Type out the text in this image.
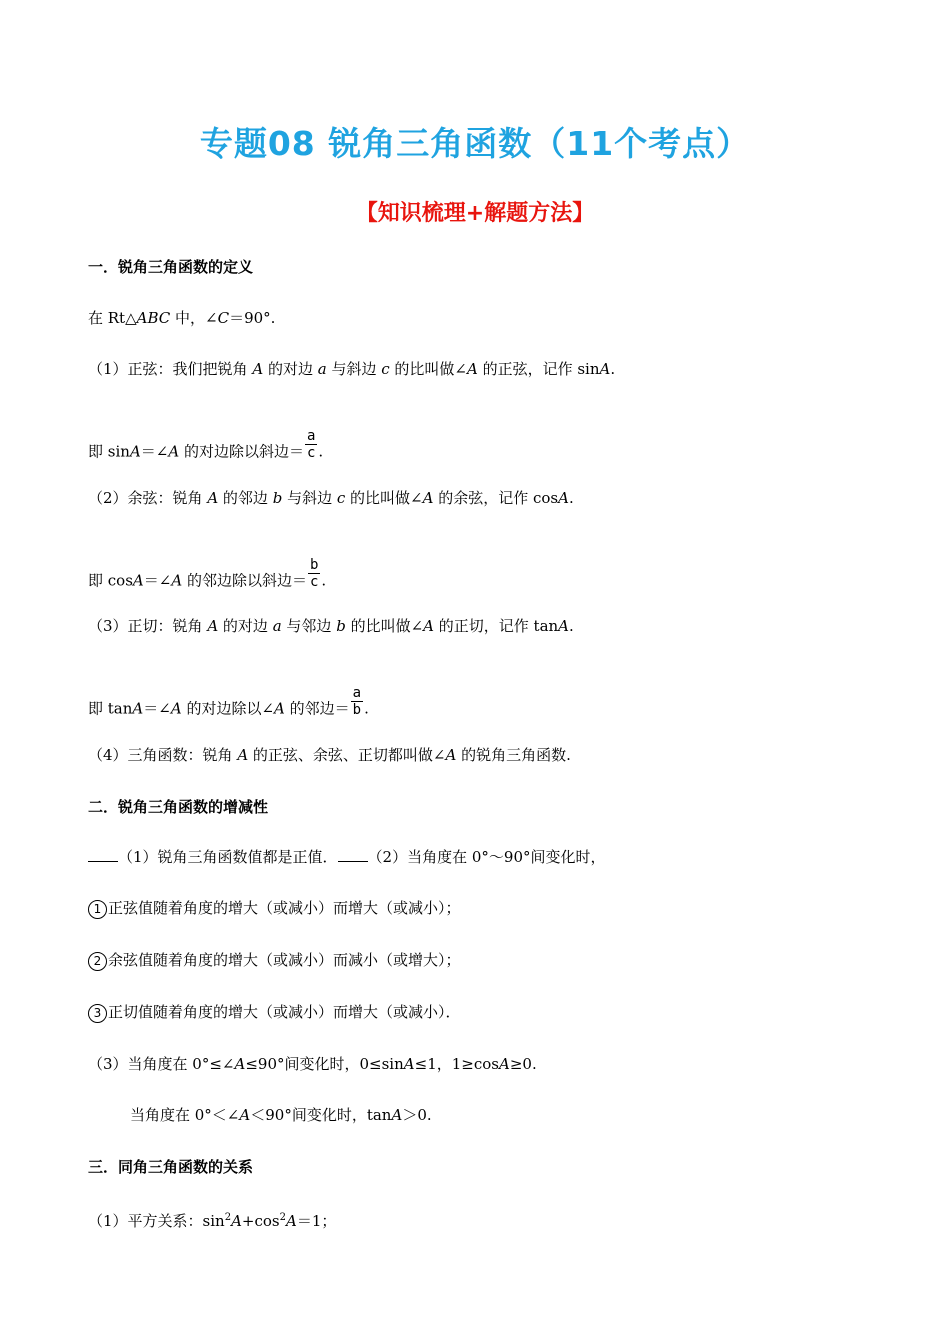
专题08 锐角三角函数（11个考点）
【知识梳理+解题方法】
一．锐角三角函数的定义
在 Rt△ABC 中，∠C＝90°.
（1）正弦：我们把锐角 A 的对边 a 与斜边 c 的比叫做∠A 的正弦，记作 sinA.
即 sinA＝∠A 的对边除以斜边＝ $\frac{a}{c}$ .
（2）余弦：锐角 A 的邻边 b 与斜边 c 的比叫做∠A 的余弦，记作 cosA.
即 cosA＝∠A 的邻边除以斜边＝ $\frac{b}{c}$ .
（3）正切：锐角 A 的对边 a 与邻边 b 的比叫做∠A 的正切，记作 tanA.
即 tanA＝∠A 的对边除以∠A 的邻边＝ $\frac{a}{b}$ .
（4）三角函数：锐角 A 的正弦、余弦、正切都叫做∠A 的锐角三角函数.
二．锐角三角函数的增减性
（1）锐角三角函数值都是正值． （2）当角度在 0°～90°间变化时，
1 正弦值随着角度的增大（或减小）而增大（或减小）；
2 余弦值随着角度的增大（或减小）而减小（或增大）；
3 正切值随着角度的增大（或减小）而增大（或减小）．
（3）当角度在 0°≤∠A≤90°间变化时，0≤sinA≤1，1≥cosA≥0.
当角度在 0°＜∠A＜90°间变化时，tanA＞0.
三．同角三角函数的关系
（1）平方关系：$\sin^2A+\cos^2A=1$；
